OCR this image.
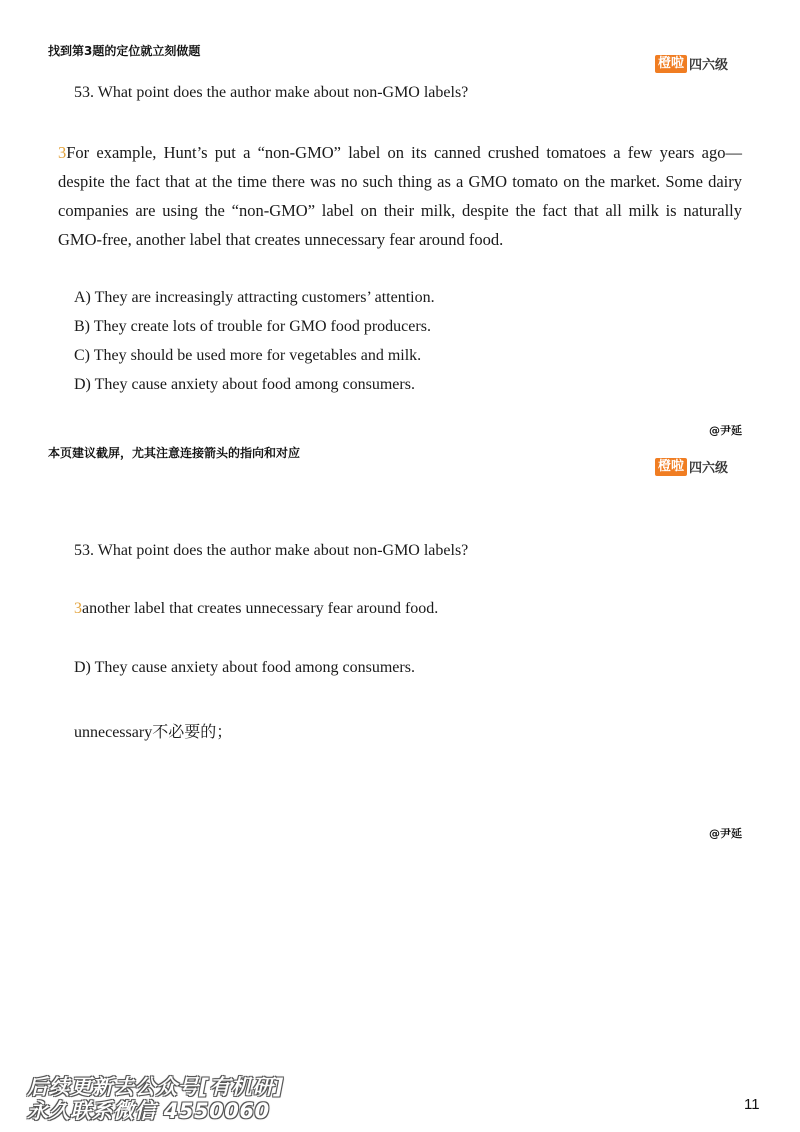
找到第3题的定位就立刻做题
橙啦 四六级
53. What point does the author make about non-GMO labels?
3For example, Hunt’s put a “non-GMO” label on its canned crushed tomatoes a few years ago—despite the fact that at the time there was no such thing as a GMO tomato on the market. Some dairy companies are using the “non-GMO” label on their milk, despite the fact that all milk is naturally GMO-free, another label that creates unnecessary fear around food.
A) They are increasingly attracting customers’ attention.
B) They create lots of trouble for GMO food producers.
C) They should be used more for vegetables and milk.
D) They cause anxiety about food among consumers.
@尹延
本页建议截屏，尤其注意连接箭头的指向和对应
橙啦 四六级
53. What point does the author make about non-GMO labels?
3another label that creates unnecessary fear around food.
D) They cause anxiety about food among consumers.
unnecessary不必要的；
@尹延
后续更新去公众号[有机研]
永久联系微信 4550060	11
